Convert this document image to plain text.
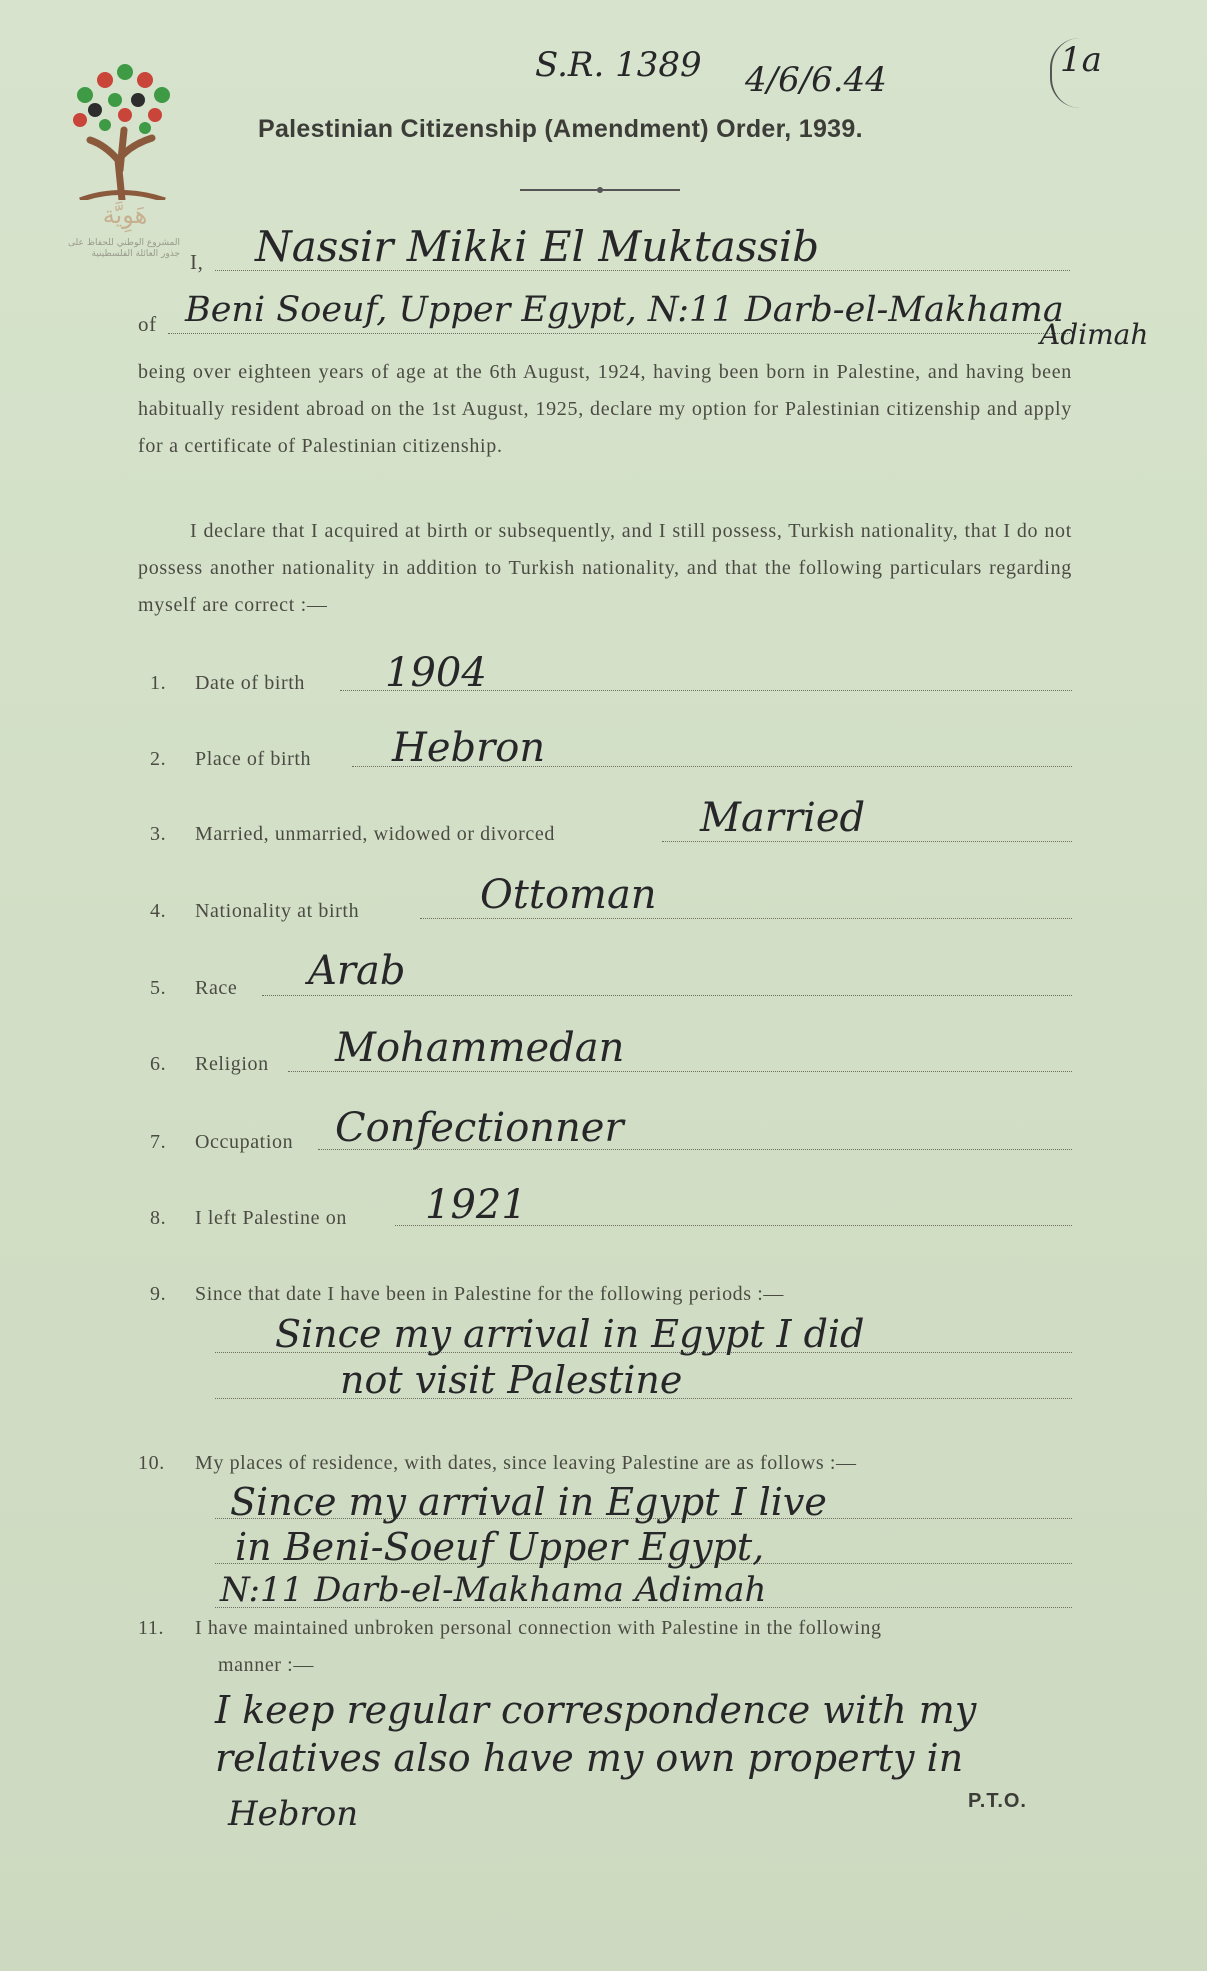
هَوِيَّة
المشروع الوطني للحفاظ على
جذور العائلة الفلسطينية
S.R. 1389 4/6/6.44	1a
Palestinian Citizenship (Amendment) Order, 1939.
I, Nassir Mikki El Muktassib
of Beni Soeuf, Upper Egypt, N:11 Darb-el-Makhama
Adimah
being over eighteen years of age at the 6th August, 1924, having been born in Palestine, and having been habitually resident abroad on the 1st August, 1925, declare my option for Palestinian citizenship and apply for a certificate of Palestinian citizenship.
I declare that I acquired at birth or subsequently, and I still possess, Turkish nationality, that I do not possess another nationality in addition to Turkish nationality, and that the following particulars regarding myself are correct :—
1. Date of birth 1904
2. Place of birth Hebron
3. Married, unmarried, widowed or divorced	Married
4. Nationality at birth	Ottoman
5. Race Arab
6. Religion Mohammedan
7. Occupation Confectionner
8. I left Palestine on 1921
9. Since that date I have been in Palestine for the following periods :—
Since my arrival in Egypt I did
not visit Palestine
10. My places of residence, with dates, since leaving Palestine are as follows :—
Since my arrival in Egypt I live
in Beni-Soeuf Upper Egypt,
N:11 Darb-el-Makhama Adimah
11. I have maintained unbroken personal connection with Palestine in the following
manner :—
I keep regular correspondence with my
relatives also have my own property in
Hebron	P.T.O.
